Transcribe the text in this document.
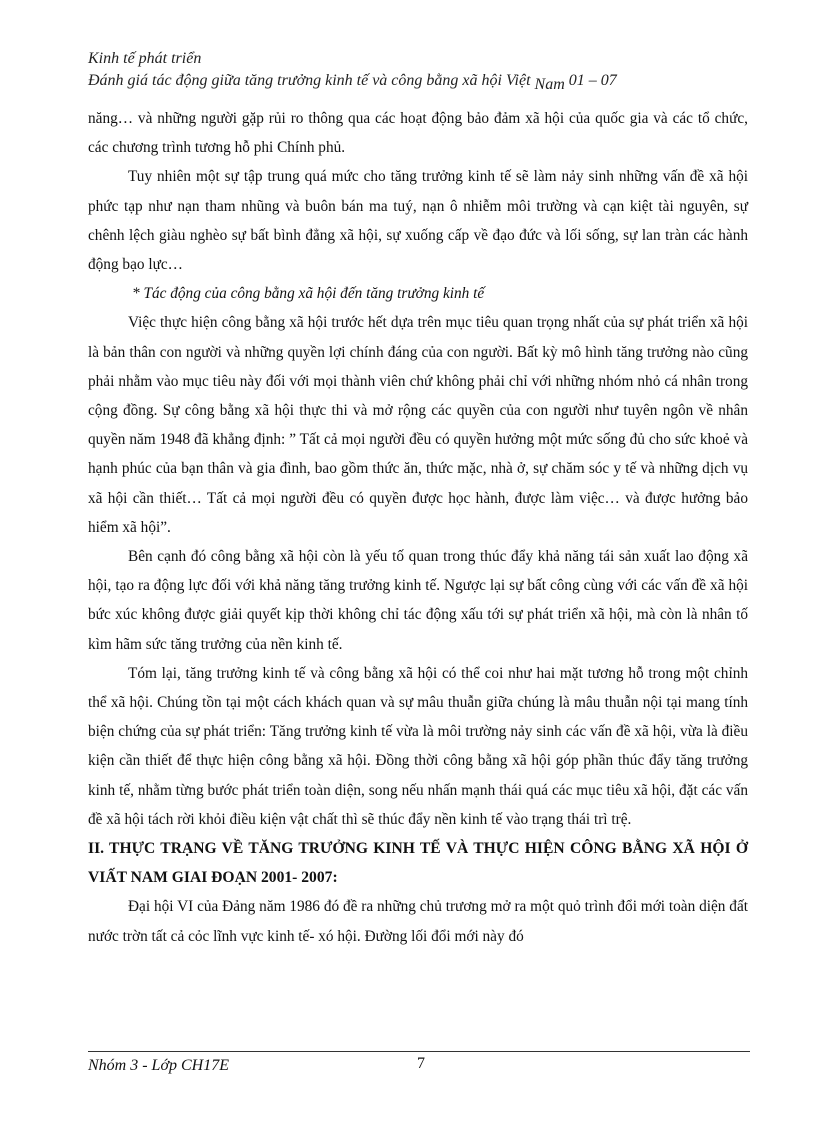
Kinh tế phát triển
Đánh giá tác động giữa tăng trưởng kinh tế và công bằng xã hội Việt Nam 01 – 07

năng… và những người gặp rủi ro thông qua các hoạt động bảo đảm xã hội của quốc gia và các tổ chức, các chương trình tương hỗ phi Chính phủ.

Tuy nhiên một sự tập trung quá mức cho tăng trưởng kinh tế sẽ làm nảy sinh những vấn đề xã hội phức tạp như nạn tham nhũng và buôn bán ma tuý, nạn ô nhiễm môi trường và cạn kiệt tài nguyên, sự chênh lệch giàu nghèo sự bất bình đẳng xã hội, sự xuống cấp về đạo đức và lối sống, sự lan tràn các hành động bạo lực…

* Tác động của công bằng xã hội đến tăng trưởng kinh tế

Việc thực hiện công bằng xã hội trước hết dựa trên mục tiêu quan trọng nhất của sự phát triển xã hội là bản thân con người và những quyền lợi chính đáng của con người. Bất kỳ mô hình tăng trưởng nào cũng phải nhằm vào mục tiêu này đối với mọi thành viên chứ không phải chỉ với những nhóm nhỏ cá nhân trong cộng đồng. Sự công bằng xã hội thực thi và mở rộng các quyền của con người như tuyên ngôn về nhân quyền năm 1948 đã khẳng định: ” Tất cả mọi người đều có quyền hưởng một mức sống đủ cho sức khoẻ và hạnh phúc của bạn thân và gia đình, bao gồm thức ăn, thức mặc, nhà ở, sự chăm sóc y tế và những dịch vụ xã hội cần thiết… Tất cả mọi người đều có quyền được học hành, được làm việc… và được hưởng bảo hiểm xã hội”.

Bên cạnh đó công bằng xã hội còn là yếu tố quan trong thúc đẩy khả năng tái sản xuất lao động xã hội, tạo ra động lực đối với khả năng tăng trưởng kinh tế. Ngược lại sự bất công cùng với các vấn đề xã hội bức xúc không được giải quyết kịp thời không chỉ tác động xấu tới sự phát triển xã hội, mà còn là nhân tố kìm hãm sức tăng trưởng của nền kinh tế.

Tóm lại, tăng trưởng kinh tế và công bằng xã hội có thể coi như hai mặt tương hỗ trong một chỉnh thể xã hội. Chúng tồn tại một cách khách quan và sự mâu thuẫn giữa chúng là mâu thuẫn nội tại mang tính biện chứng của sự phát triển: Tăng trưởng kinh tế vừa là môi trường nảy sinh các vấn đề xã hội, vừa là điều kiện cần thiết để thực hiện công bằng xã hội. Đồng thời công bằng xã hội góp phần thúc đẩy tăng trưởng kinh tế, nhằm từng bước phát triển toàn diện, song nếu nhấn mạnh thái quá các mục tiêu xã hội, đặt các vấn đề xã hội tách rời khỏi điều kiện vật chất thì sẽ thúc đẩy nền kinh tế vào trạng thái trì trệ.

II. THỰC TRẠNG VỀ TĂNG TRƯỞNG KINH TẾ VÀ THỰC HIỆN CÔNG BẰNG XÃ HỘI Ở VIẤT NAM GIAI ĐOẠN 2001- 2007:

Đại hội VI của Đảng năm 1986 đó đề ra những chủ trương mở ra một quỏ trình đổi mới toàn diện đất nước trờn tất cả cỏc lĩnh vực kinh tế- xó hội. Đường lối đổi mới này đó

Nhóm 3 - Lớp CH17E	7
